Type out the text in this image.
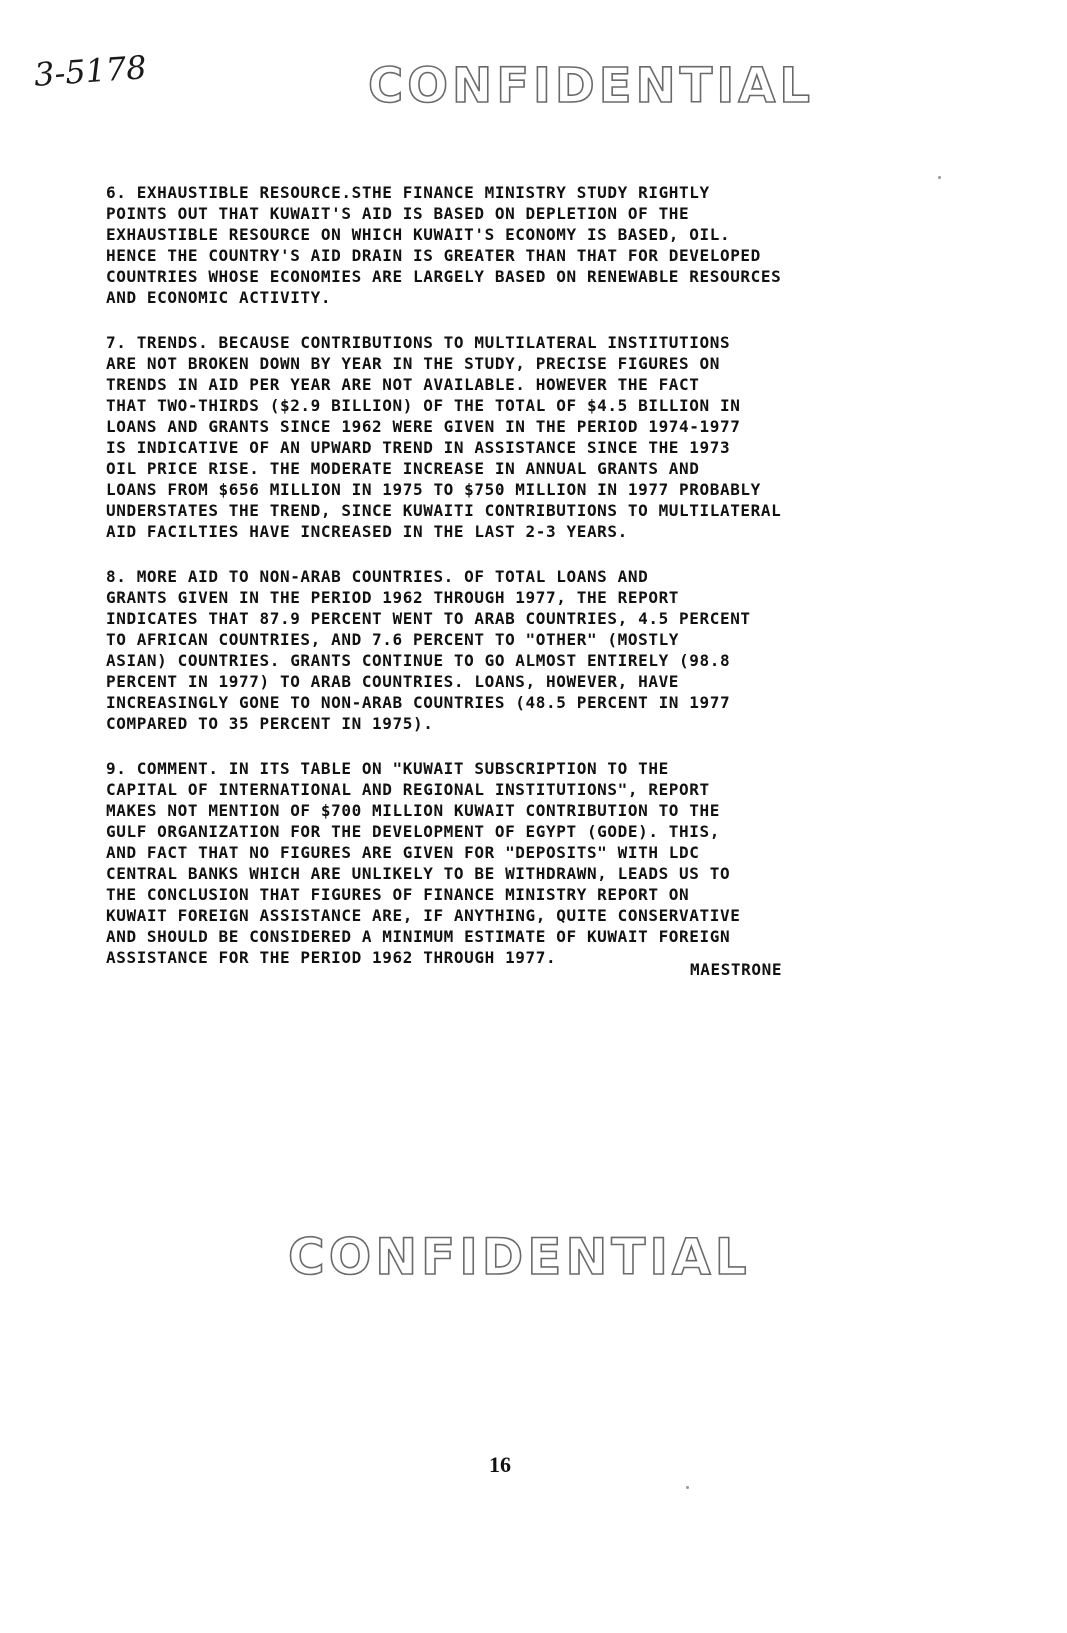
3-5178	CONFIDENTIAL
6. EXHAUSTIBLE RESOURCE.STHE FINANCE MINISTRY STUDY RIGHTLY
POINTS OUT THAT KUWAIT'S AID IS BASED ON DEPLETION OF THE
EXHAUSTIBLE RESOURCE ON WHICH KUWAIT'S ECONOMY IS BASED, OIL.
HENCE THE COUNTRY'S AID DRAIN IS GREATER THAN THAT FOR DEVELOPED
COUNTRIES WHOSE ECONOMIES ARE LARGELY BASED ON RENEWABLE RESOURCES
AND ECONOMIC ACTIVITY.
7. TRENDS. BECAUSE CONTRIBUTIONS TO MULTILATERAL INSTITUTIONS
ARE NOT BROKEN DOWN BY YEAR IN THE STUDY, PRECISE FIGURES ON
TRENDS IN AID PER YEAR ARE NOT AVAILABLE. HOWEVER THE FACT
THAT TWO-THIRDS ($2.9 BILLION) OF THE TOTAL OF $4.5 BILLION IN
LOANS AND GRANTS SINCE 1962 WERE GIVEN IN THE PERIOD 1974-1977
IS INDICATIVE OF AN UPWARD TREND IN ASSISTANCE SINCE THE 1973
OIL PRICE RISE. THE MODERATE INCREASE IN ANNUAL GRANTS AND
LOANS FROM $656 MILLION IN 1975 TO $750 MILLION IN 1977 PROBABLY
UNDERSTATES THE TREND, SINCE KUWAITI CONTRIBUTIONS TO MULTILATERAL
AID FACILTIES HAVE INCREASED IN THE LAST 2-3 YEARS.
8. MORE AID TO NON-ARAB COUNTRIES. OF TOTAL LOANS AND
GRANTS GIVEN IN THE PERIOD 1962 THROUGH 1977, THE REPORT
INDICATES THAT 87.9 PERCENT WENT TO ARAB COUNTRIES, 4.5 PERCENT
TO AFRICAN COUNTRIES, AND 7.6 PERCENT TO "OTHER" (MOSTLY
ASIAN) COUNTRIES. GRANTS CONTINUE TO GO ALMOST ENTIRELY (98.8
PERCENT IN 1977) TO ARAB COUNTRIES. LOANS, HOWEVER, HAVE
INCREASINGLY GONE TO NON-ARAB COUNTRIES (48.5 PERCENT IN 1977
COMPARED TO 35 PERCENT IN 1975).
9. COMMENT. IN ITS TABLE ON "KUWAIT SUBSCRIPTION TO THE
CAPITAL OF INTERNATIONAL AND REGIONAL INSTITUTIONS", REPORT
MAKES NOT MENTION OF $700 MILLION KUWAIT CONTRIBUTION TO THE
GULF ORGANIZATION FOR THE DEVELOPMENT OF EGYPT (GODE). THIS,
AND FACT THAT NO FIGURES ARE GIVEN FOR "DEPOSITS" WITH LDC
CENTRAL BANKS WHICH ARE UNLIKELY TO BE WITHDRAWN, LEADS US TO
THE CONCLUSION THAT FIGURES OF FINANCE MINISTRY REPORT ON
KUWAIT FOREIGN ASSISTANCE ARE, IF ANYTHING, QUITE CONSERVATIVE
AND SHOULD BE CONSIDERED A MINIMUM ESTIMATE OF KUWAIT FOREIGN
ASSISTANCE FOR THE PERIOD 1962 THROUGH 1977.
MAESTRONE
CONFIDENTIAL
16
